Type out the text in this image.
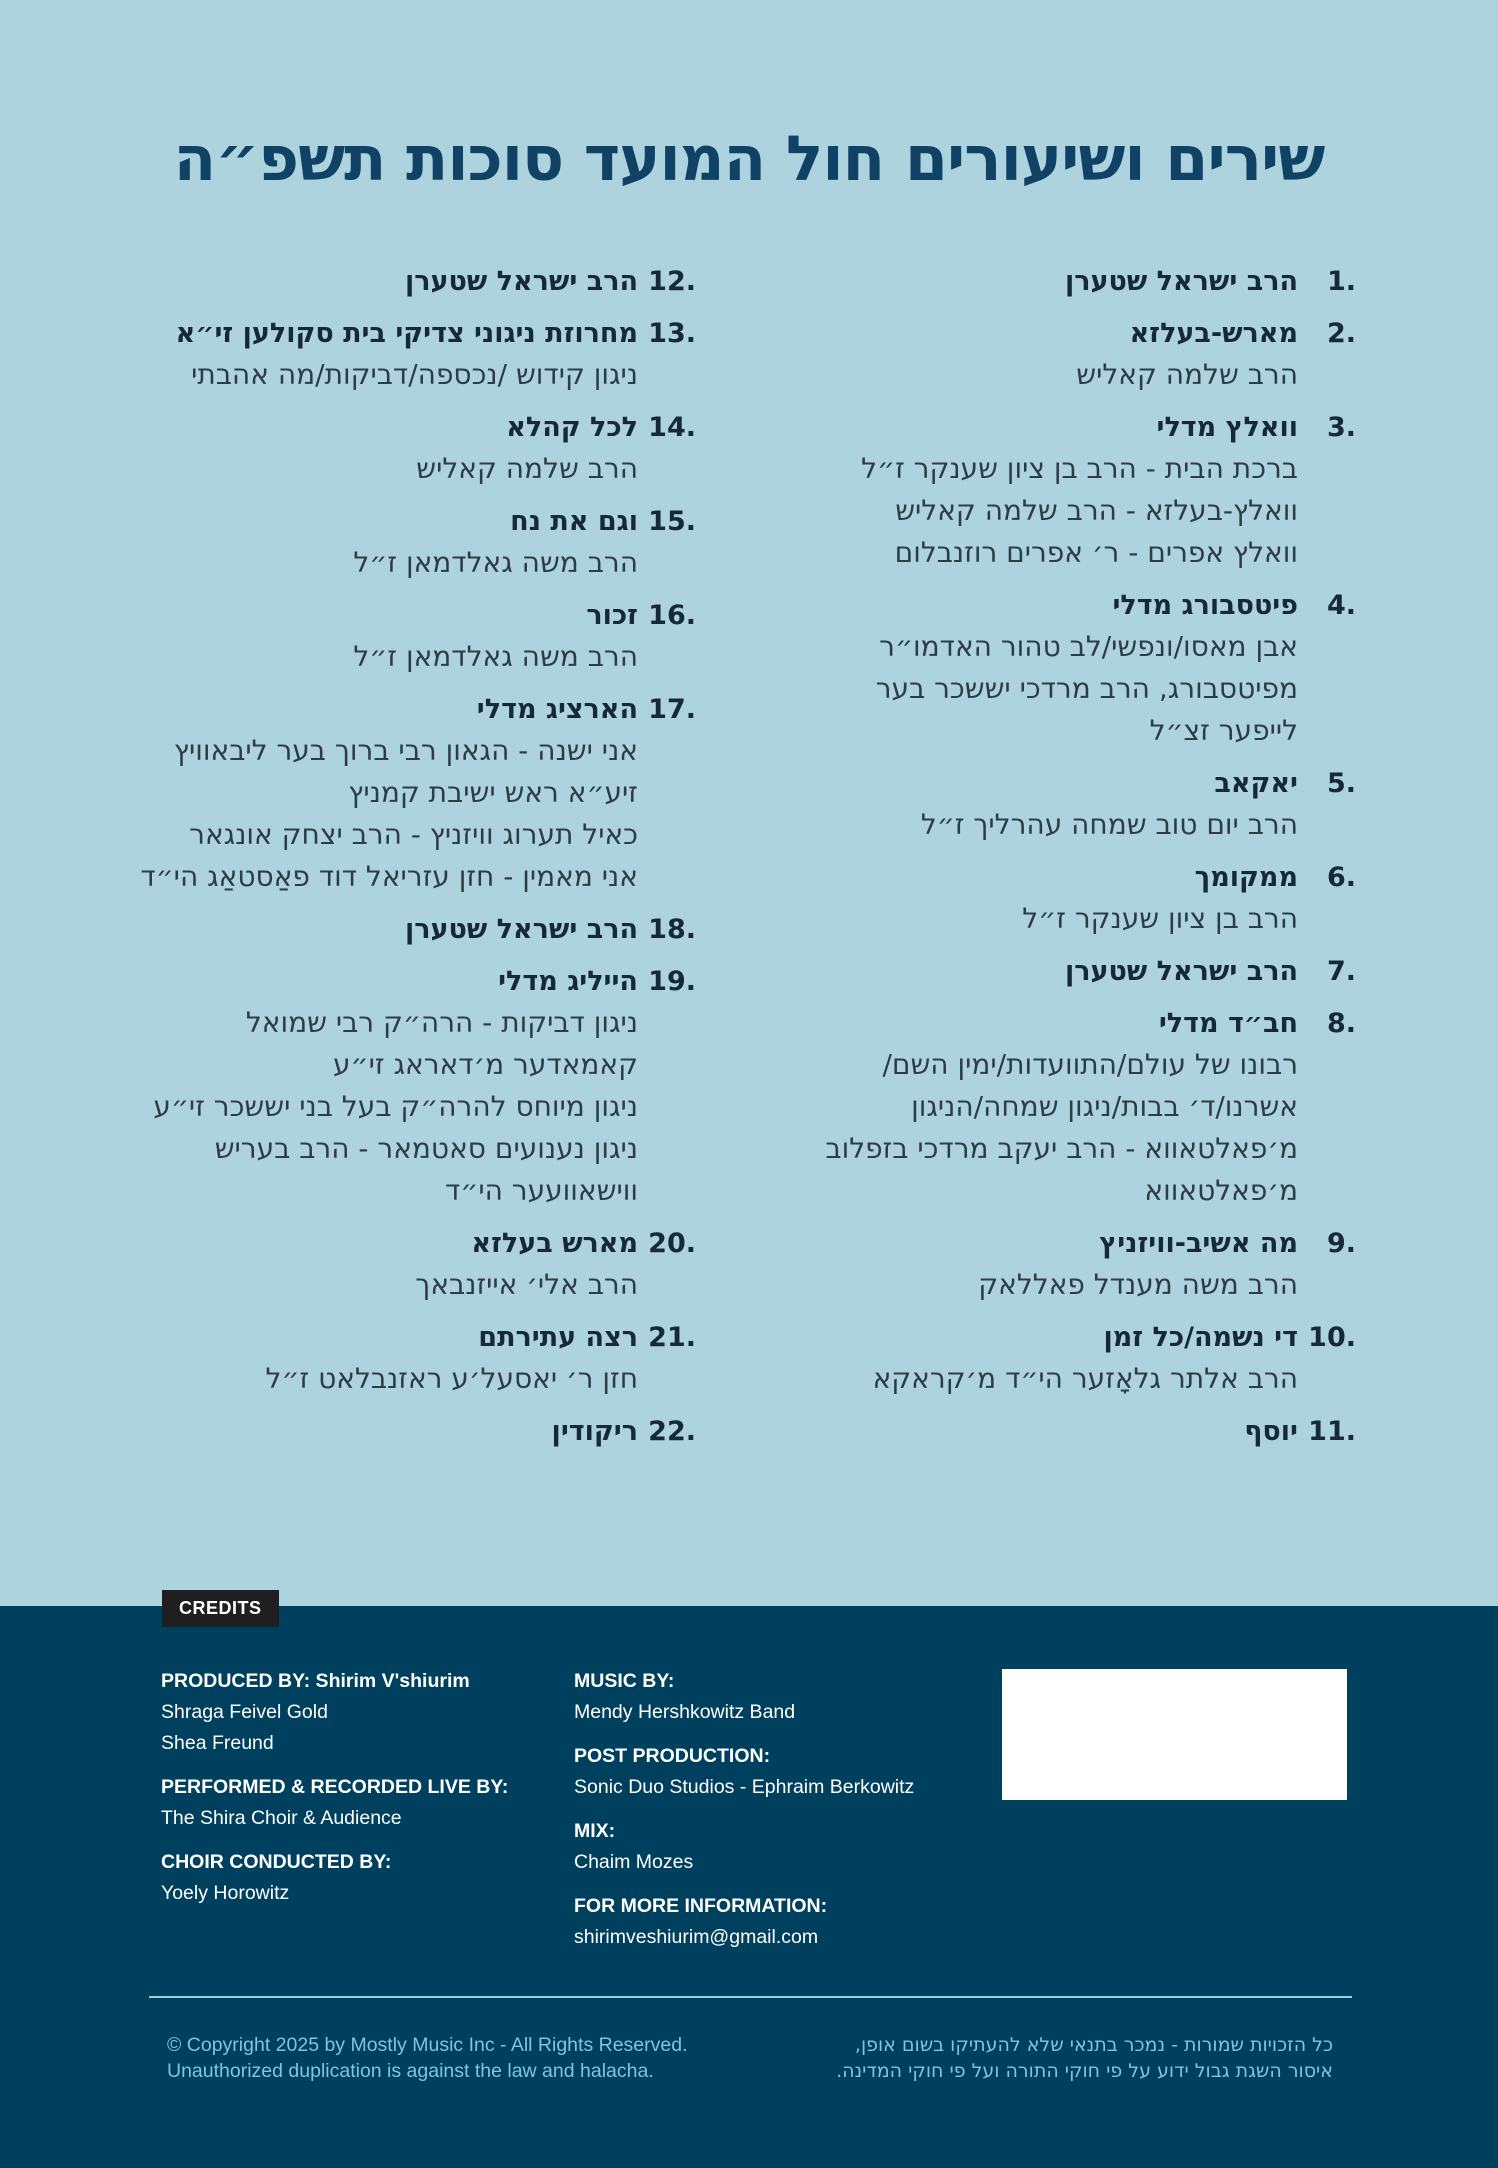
שירים ושיעורים חול המועד סוכות תשפ״ה
1.
הרב ישראל שטערן
2.
מארש-בעלזא
הרב שלמה קאליש
3.
וואלץ מדלי
ברכת הבית - הרב בן ציון שענקר ז״ל
וואלץ-בעלזא - הרב שלמה קאליש
וואלץ אפרים - ר׳ אפרים רוזנבלום
4.
פיטסבורג מדלי
אבן מאסו/ונפשי/לב טהור האדמו״ר
מפיטסבורג, הרב מרדכי יששכר בער
לייפער זצ״ל
5.
יאקאב
הרב יום טוב שמחה עהרליך ז״ל
6.
ממקומך
הרב בן ציון שענקר ז״ל
7.
הרב ישראל שטערן
8.
חב״ד מדלי
רבונו של עולם/התוועדות/ימין השם/
אשרנו/ד׳ בבות/ניגון שמחה/הניגון
מ׳פאלטאווא - הרב יעקב מרדכי בזפלוב
מ׳פאלטאווא
9.
מה אשיב-וויזניץ
הרב משה מענדל פאללאק
10.
די נשמה/כל זמן
הרב אלתר גלאָזער הי״ד מ׳קראקא
11.
יוסף
12.
הרב ישראל שטערן
13.
מחרוזת ניגוני צדיקי בית סקולען זי״א
ניגון קידוש /נכספה/דביקות/מה אהבתי
14.
לכל קהלא
הרב שלמה קאליש
15.
וגם את נח
הרב משה גאלדמאן ז״ל
16.
זכור
הרב משה גאלדמאן ז״ל
17.
הארציג מדלי
אני ישנה - הגאון רבי ברוך בער ליבאוויץ
זיע״א ראש ישיבת קמניץ
כאיל תערוג וויזניץ - הרב יצחק אונגאר
אני מאמין - חזן עזריאל דוד פאַסטאַג הי״ד
18.
הרב ישראל שטערן
19.
הייליג מדלי
ניגון דביקות - הרה״ק רבי שמואל
קאמאדער מ׳דאראג זי״ע
ניגון מיוחס להרה״ק בעל בני יששכר זי״ע
ניגון נענועים סאטמאר - הרב בעריש
ווישאוועער הי״ד
20.
מארש בעלזא
הרב אלי׳ אייזנבאך
21.
רצה עתירתם
חזן ר׳ יאסעל׳ע ראזנבלאט ז״ל
22.
ריקודין
CREDITS
PRODUCED BY: Shirim V'shiurim
Shraga Feivel Gold
Shea Freund
PERFORMED & RECORDED LIVE BY:
The Shira Choir & Audience
CHOIR CONDUCTED BY:
Yoely Horowitz
MUSIC BY:
Mendy Hershkowitz Band
POST PRODUCTION:
Sonic Duo Studios - Ephraim Berkowitz
MIX:
Chaim Mozes
FOR MORE INFORMATION:
shirimveshiurim@gmail.com
© Copyright 2025 by Mostly Music Inc - All Rights Reserved.
Unauthorized duplication is against the law and halacha.
כל הזכויות שמורות - נמכר בתנאי שלא להעתיקו בשום אופן,
איסור השגת גבול ידוע על פי חוקי התורה ועל פי חוקי המדינה.
